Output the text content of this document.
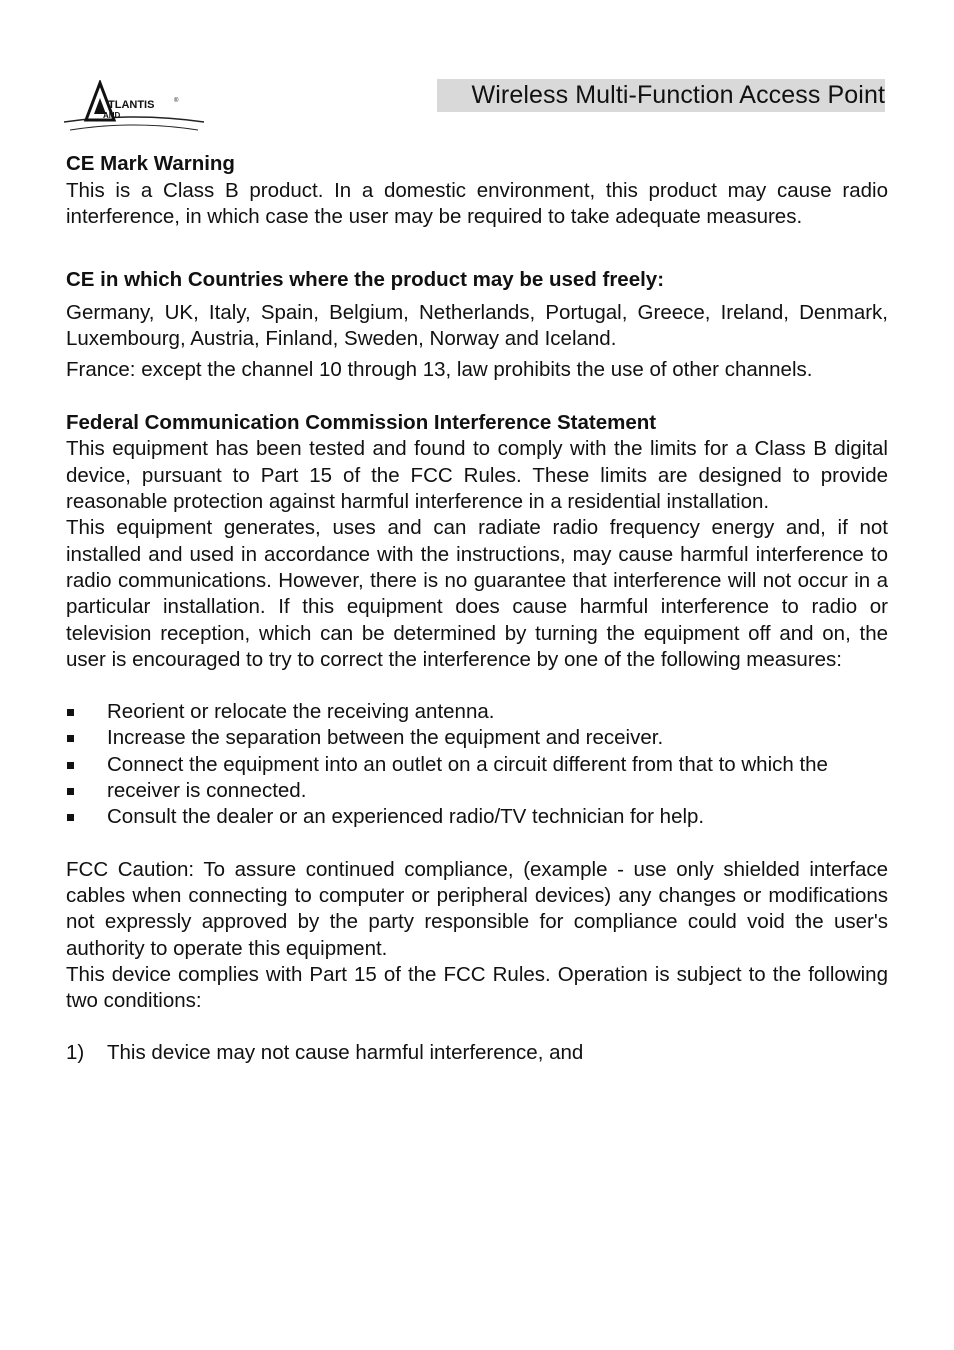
TLANTIS
AND
®	Wireless Multi-Function Access Point
CE Mark Warning

This is a Class B product. In a domestic environment, this product may cause radio interference, in which case the user may be required to take adequate measures.

CE in which Countries where the product may be used freely:

Germany, UK, Italy, Spain, Belgium, Netherlands, Portugal, Greece, Ireland, Denmark, Luxembourg, Austria, Finland, Sweden, Norway and Iceland.

France: except the channel 10 through 13, law prohibits the use of other channels.

Federal Communication Commission Interference Statement

This equipment has been tested and found to comply with the limits for a Class B digital device, pursuant to Part 15 of the FCC Rules. These limits are designed to provide reasonable protection against harmful interference in a residential installation.

This equipment generates, uses and can radiate radio frequency energy and, if not installed and used in accordance with the instructions, may cause harmful interference to radio communications. However, there is no guarantee that interference will not occur in a particular installation. If this equipment does cause harmful interference to radio or television reception, which can be determined by turning the equipment off and on, the user is encouraged to try to correct the interference by one of the following measures:

Reorient or relocate the receiving antenna.
Increase the separation between the equipment and receiver.
Connect the equipment into an outlet on a circuit different from that to which the
receiver is connected.
Consult the dealer or an experienced radio/TV technician for help.

FCC Caution: To assure continued compliance, (example - use only shielded interface cables when connecting to computer or peripheral devices) any changes or modifications not expressly approved by the party responsible for compliance could void the user's authority to operate this equipment.

This device complies with Part 15 of the FCC Rules. Operation is subject to the following two conditions:

1) This device may not cause harmful interference, and
